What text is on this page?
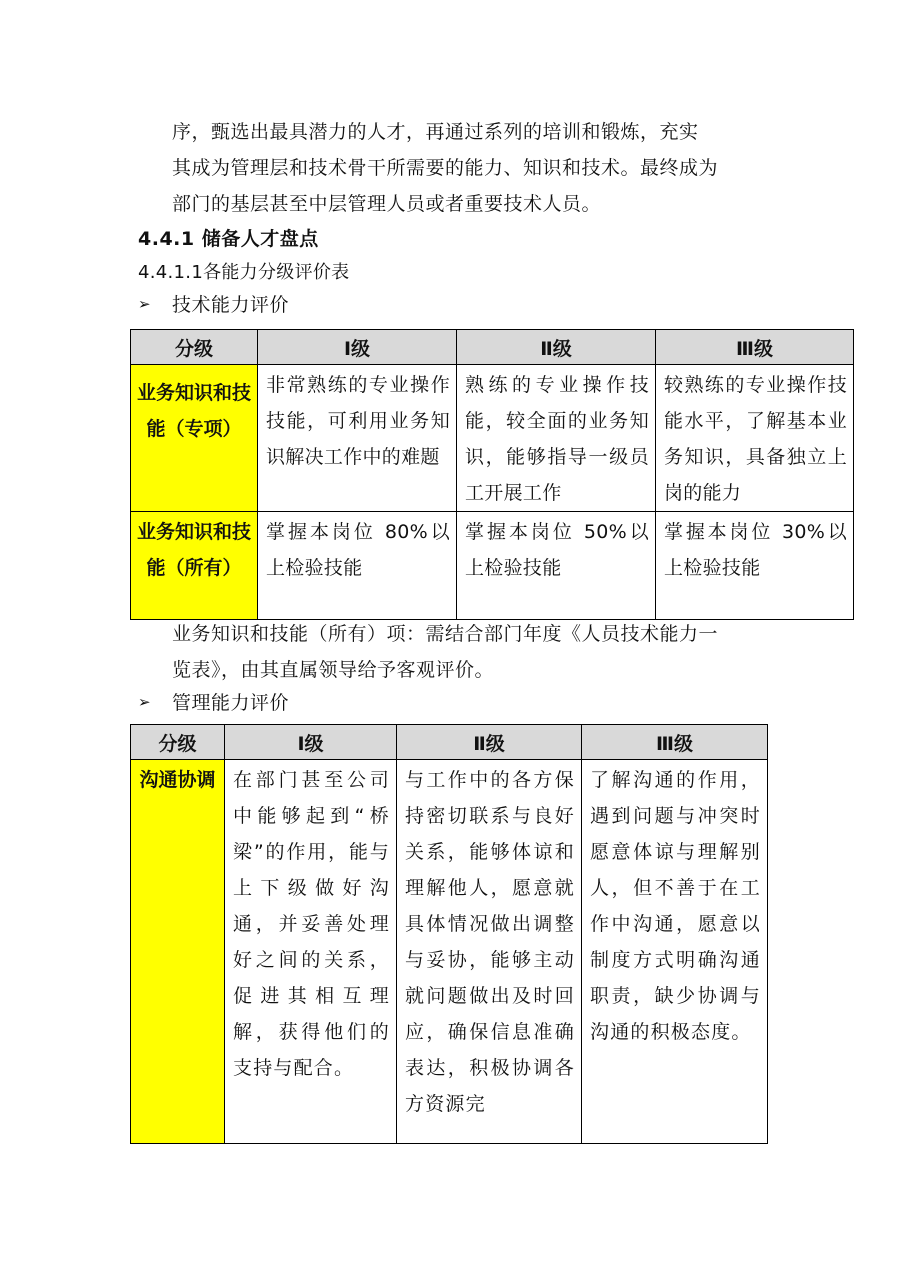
序，甄选出最具潜力的人才，再通过系列的培训和锻炼，充实
其成为管理层和技术骨干所需要的能力、知识和技术。最终成为
部门的基层甚至中层管理人员或者重要技术人员。
4.4.1 储备人才盘点
4.4.1.1各能力分级评价表
➢	技术能力评价
分级	Ⅰ级	Ⅱ级	Ⅲ级
业务知识和技能（专项）	非常熟练的专业操作技能，可利用业务知识解决工作中的难题	熟练的专业操作技能，较全面的业务知识，能够指导一级员工开展工作	较熟练的专业操作技能水平，了解基本业务知识，具备独立上岗的能力
业务知识和技能（所有）	掌握本岗位 80%以上检验技能	掌握本岗位 50%以上检验技能	掌握本岗位 30%以上检验技能
业务知识和技能（所有）项：需结合部门年度《人员技术能力一
览表》，由其直属领导给予客观评价。
➢	管理能力评价
分级	Ⅰ级	Ⅱ级	Ⅲ级
沟通协调	在部门甚至公司中能够起到“桥梁”的作用，能与上下级做好沟通，并妥善处理好之间的关系，促进其相互理解，获得他们的支持与配合。	与工作中的各方保持密切联系与良好关系，能够体谅和理解他人，愿意就具体情况做出调整与妥协，能够主动就问题做出及时回应，确保信息准确表达，积极协调各方资源完	了解沟通的作用，遇到问题与冲突时愿意体谅与理解别人，但不善于在工作中沟通，愿意以制度方式明确沟通职责，缺少协调与沟通的积极态度。
